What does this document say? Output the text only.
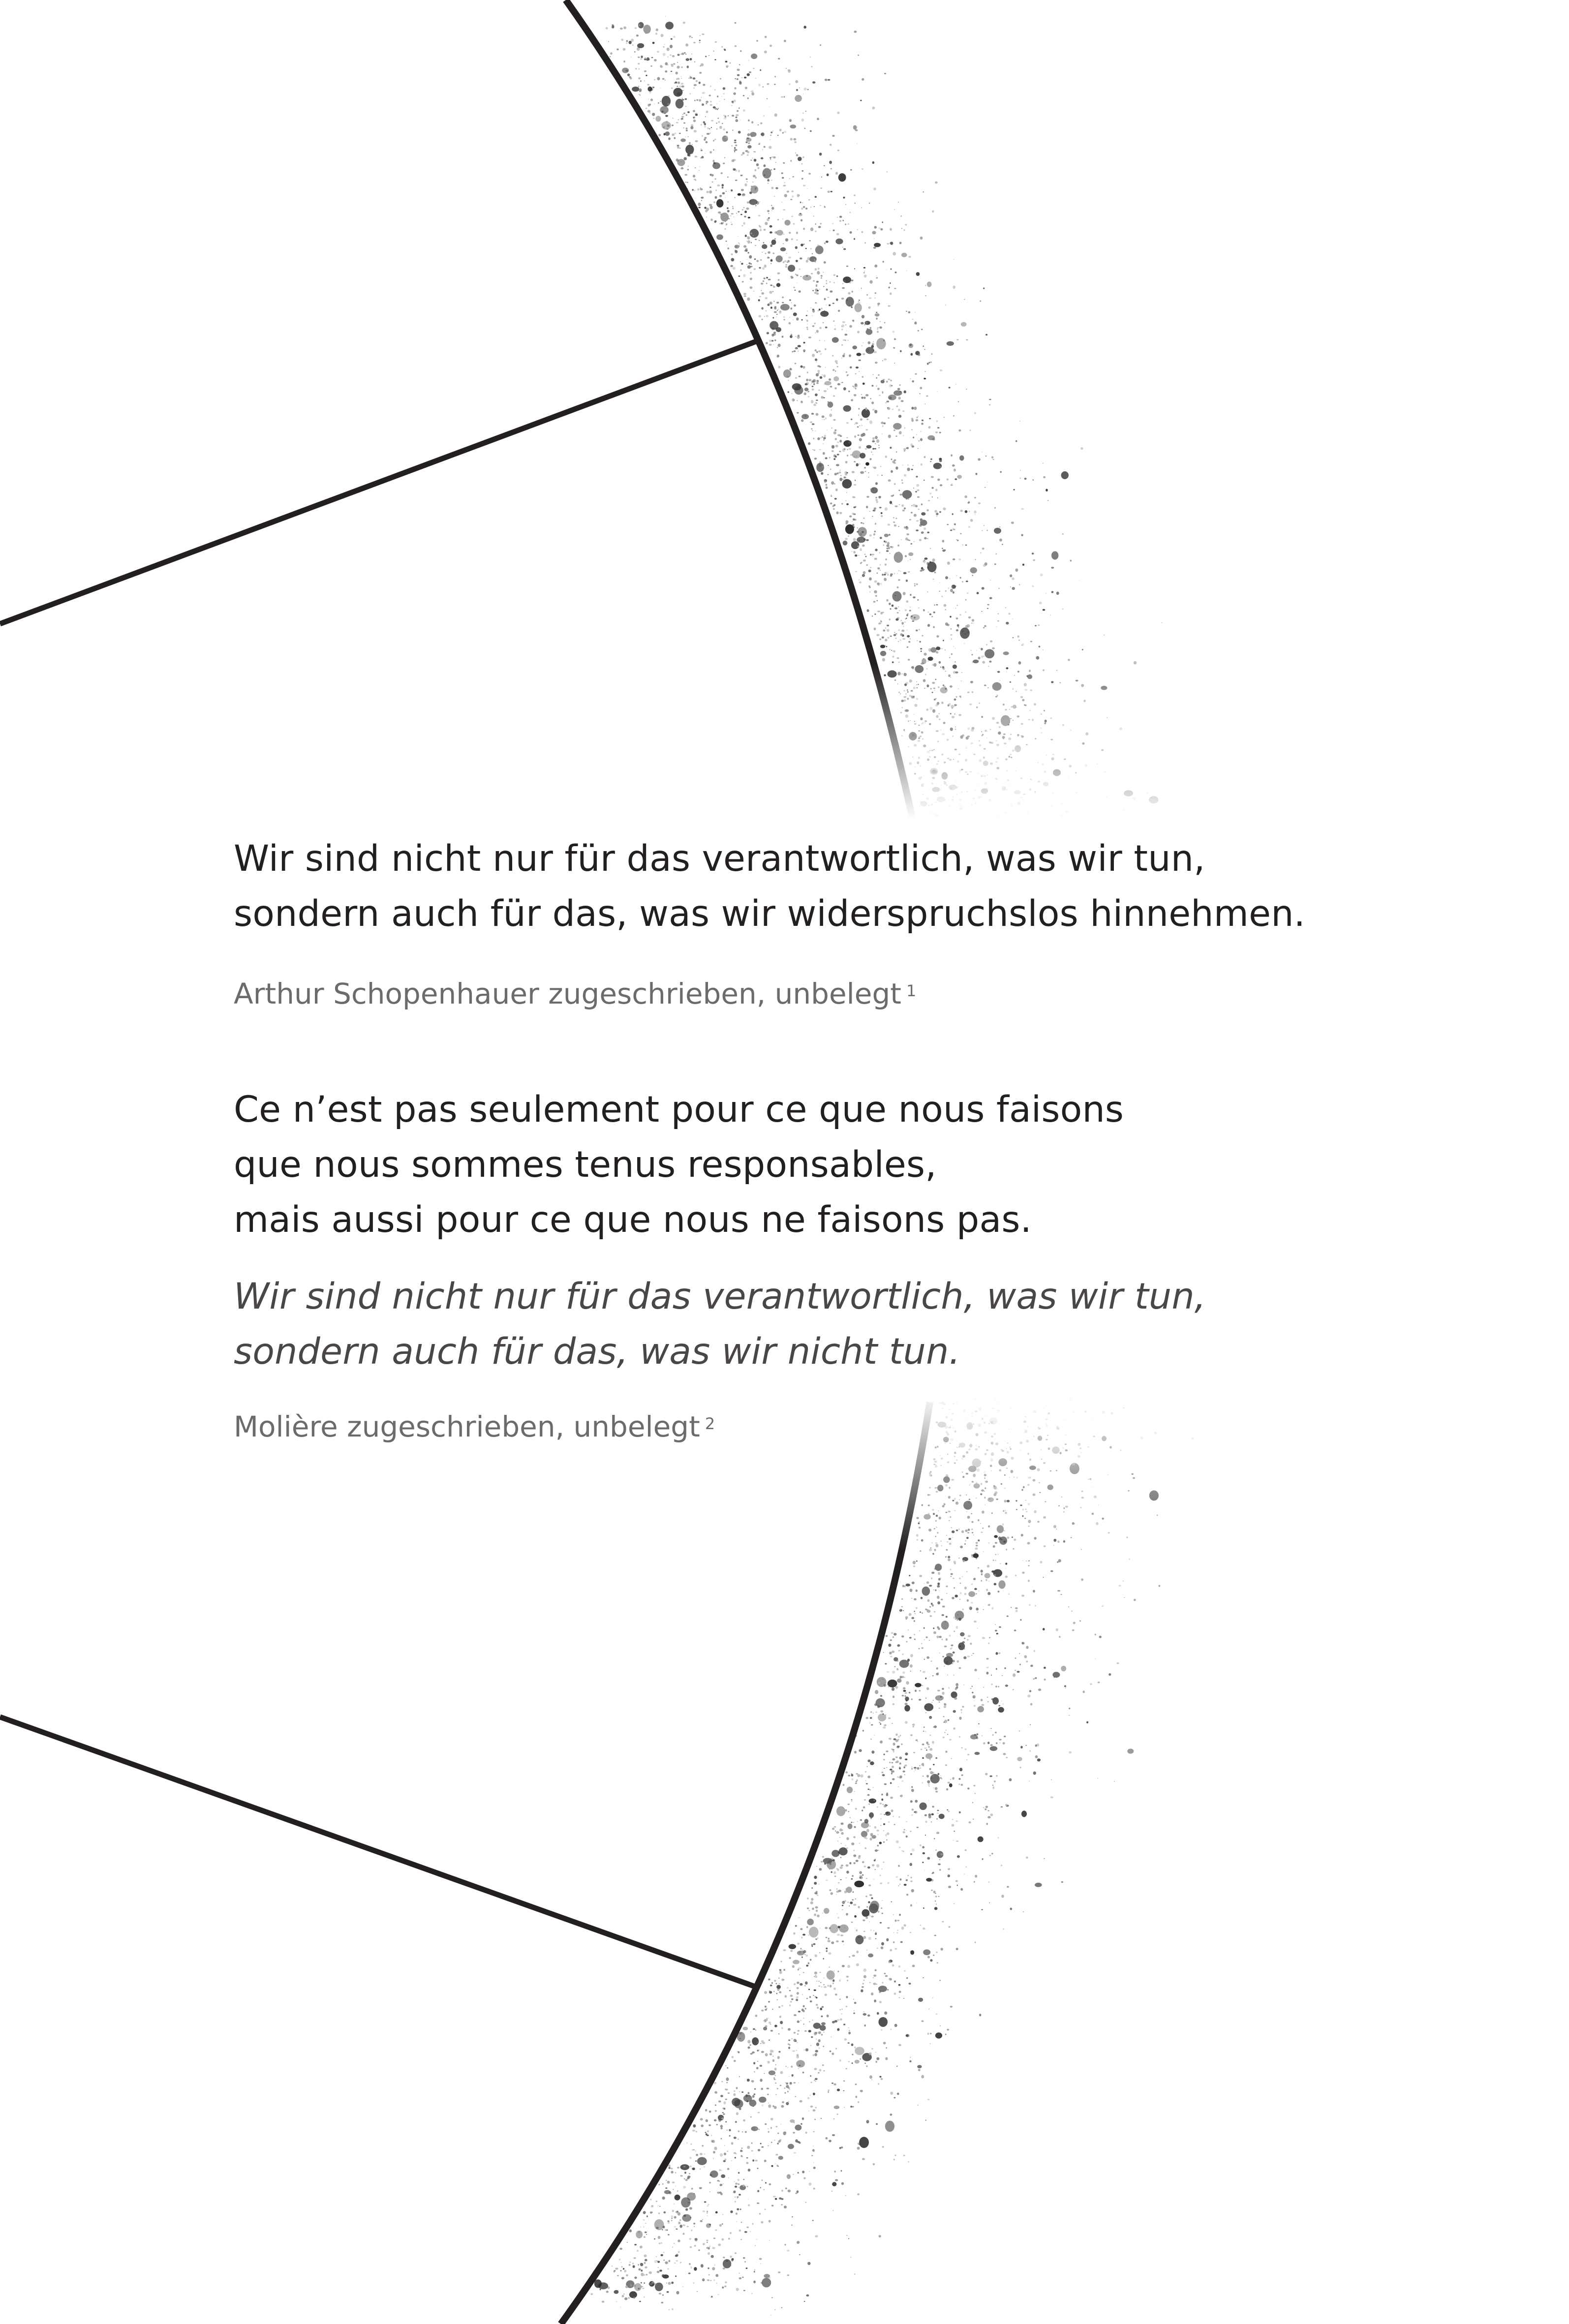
Wir sind nicht nur für das verantwortlich, was wir tun,
sondern auch für das, was wir widerspruchslos hinnehmen.
Arthur Schopenhauer zugeschrieben, unbelegt $^1$
Ce n’est pas seulement pour ce que nous faisons
que nous sommes tenus responsables,
mais aussi pour ce que nous ne faisons pas.
Wir sind nicht nur für das verantwortlich, was wir tun,
sondern auch für das, was wir nicht tun.
Molière zugeschrieben, unbelegt $^2$
